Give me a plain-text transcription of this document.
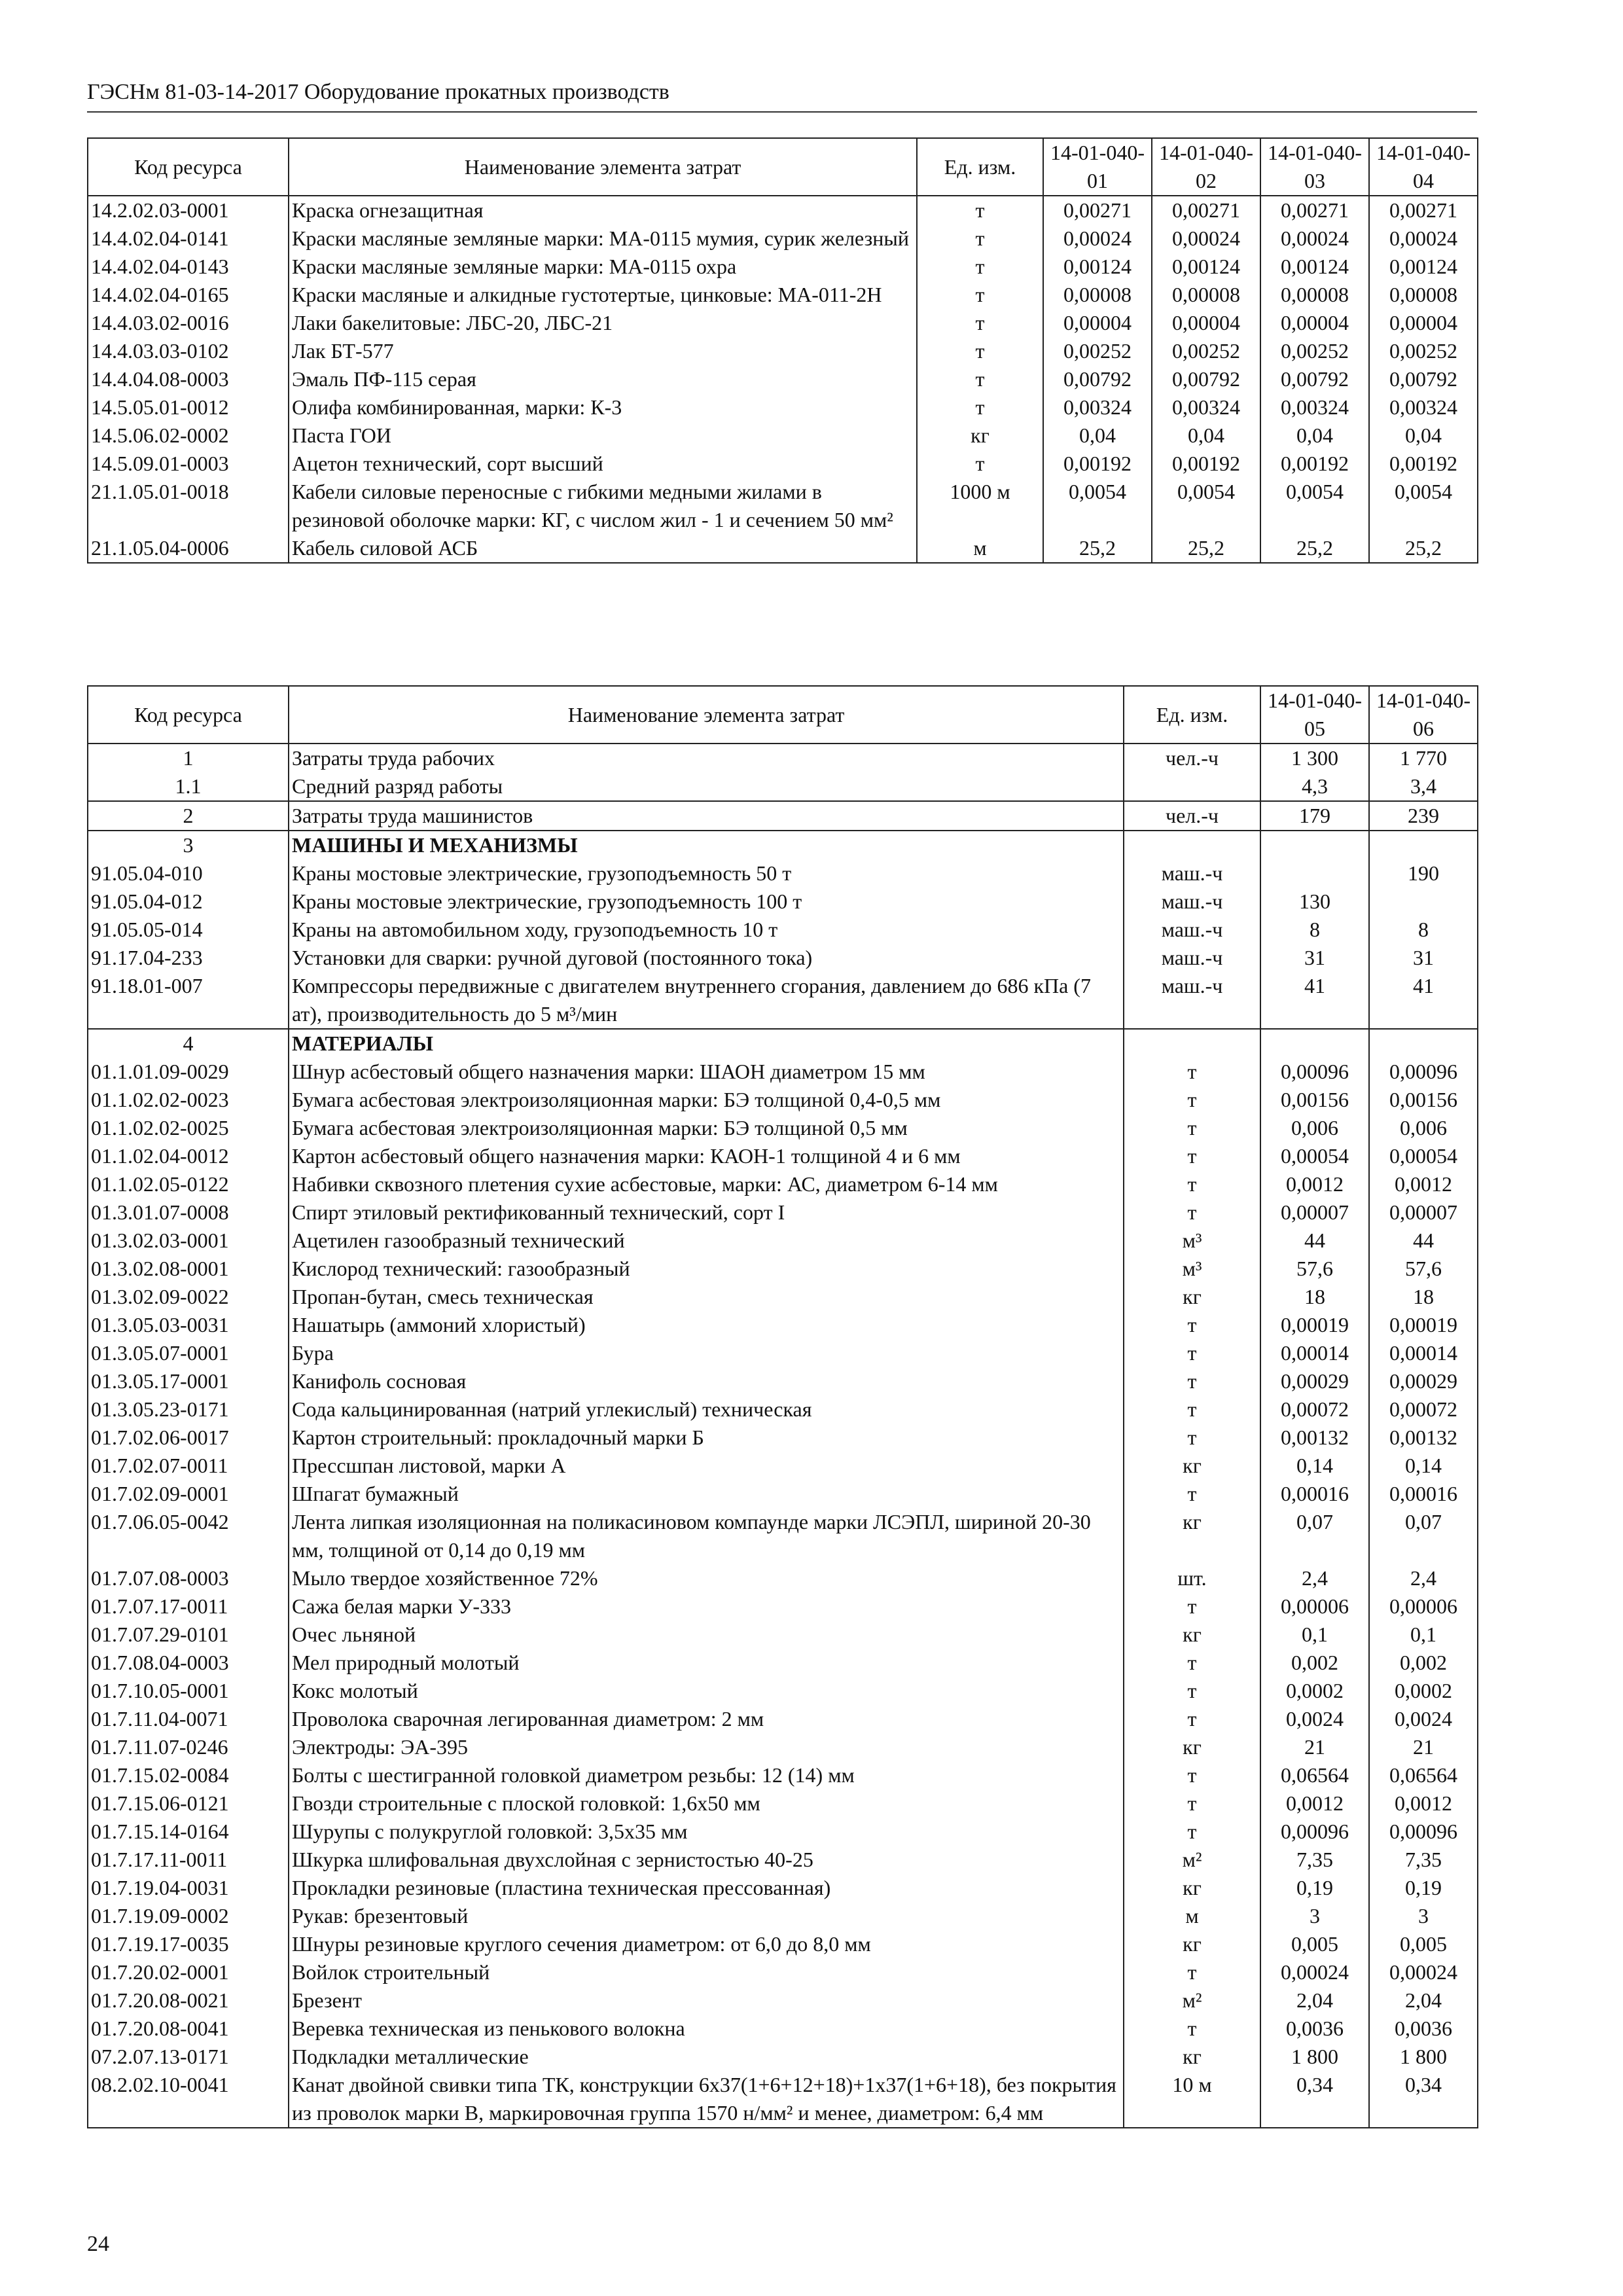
ГЭСНм 81-03-14-2017 Оборудование прокатных производств
Код ресурса	Наименование элемента затрат	Ед. изм.	14-01-040-01	14-01-040-02	14-01-040-03	14-01-040-04
14.2.02.03-0001	Краска огнезащитная	т	0,00271	0,00271	0,00271	0,00271
14.4.02.04-0141	Краски масляные земляные марки: МА-0115 мумия, сурик железный	т	0,00024	0,00024	0,00024	0,00024
14.4.02.04-0143	Краски масляные земляные марки: МА-0115 охра	т	0,00124	0,00124	0,00124	0,00124
14.4.02.04-0165	Краски масляные и алкидные густотертые, цинковые: МА-011-2Н	т	0,00008	0,00008	0,00008	0,00008
14.4.03.02-0016	Лаки бакелитовые: ЛБС-20, ЛБС-21	т	0,00004	0,00004	0,00004	0,00004
14.4.03.03-0102	Лак БТ-577	т	0,00252	0,00252	0,00252	0,00252
14.4.04.08-0003	Эмаль ПФ-115 серая	т	0,00792	0,00792	0,00792	0,00792
14.5.05.01-0012	Олифа комбинированная, марки: К-3	т	0,00324	0,00324	0,00324	0,00324
14.5.06.02-0002	Паста ГОИ	кг	0,04	0,04	0,04	0,04
14.5.09.01-0003	Ацетон технический, сорт высший	т	0,00192	0,00192	0,00192	0,00192
21.1.05.01-0018	Кабели силовые переносные с гибкими медными жилами в резиновой оболочке марки: КГ, с числом жил - 1 и сечением 50 мм²	1000 м	0,0054	0,0054	0,0054	0,0054
21.1.05.04-0006	Кабель силовой АСБ	м	25,2	25,2	25,2	25,2
Код ресурса	Наименование элемента затрат	Ед. изм.	14-01-040-05	14-01-040-06
1	Затраты труда рабочих	чел.-ч	1 300	1 770
1.1	Средний разряд работы		4,3	3,4
2	Затраты труда машинистов	чел.-ч	179	239
3	МАШИНЫ И МЕХАНИЗМЫ			
91.05.04-010	Краны мостовые электрические, грузоподъемность 50 т	маш.-ч		190
91.05.04-012	Краны мостовые электрические, грузоподъемность 100 т	маш.-ч	130	
91.05.05-014	Краны на автомобильном ходу, грузоподъемность 10 т	маш.-ч	8	8
91.17.04-233	Установки для сварки: ручной дуговой (постоянного тока)	маш.-ч	31	31
91.18.01-007	Компрессоры передвижные с двигателем внутреннего сгорания, давлением до 686 кПа (7 ат), производительность до 5 м³/мин	маш.-ч	41	41
4	МАТЕРИАЛЫ			
01.1.01.09-0029	Шнур асбестовый общего назначения марки: ШАОН диаметром 15 мм	т	0,00096	0,00096
01.1.02.02-0023	Бумага асбестовая электроизоляционная марки: БЭ толщиной 0,4-0,5 мм	т	0,00156	0,00156
01.1.02.02-0025	Бумага асбестовая электроизоляционная марки: БЭ толщиной 0,5 мм	т	0,006	0,006
01.1.02.04-0012	Картон асбестовый общего назначения марки: КАОН-1 толщиной 4 и 6 мм	т	0,00054	0,00054
01.1.02.05-0122	Набивки сквозного плетения сухие асбестовые, марки: АС, диаметром 6-14 мм	т	0,0012	0,0012
01.3.01.07-0008	Спирт этиловый ректификованный технический, сорт I	т	0,00007	0,00007
01.3.02.03-0001	Ацетилен газообразный технический	м³	44	44
01.3.02.08-0001	Кислород технический: газообразный	м³	57,6	57,6
01.3.02.09-0022	Пропан-бутан, смесь техническая	кг	18	18
01.3.05.03-0031	Нашатырь (аммоний хлористый)	т	0,00019	0,00019
01.3.05.07-0001	Бура	т	0,00014	0,00014
01.3.05.17-0001	Канифоль сосновая	т	0,00029	0,00029
01.3.05.23-0171	Сода кальцинированная (натрий углекислый) техническая	т	0,00072	0,00072
01.7.02.06-0017	Картон строительный: прокладочный марки Б	т	0,00132	0,00132
01.7.02.07-0011	Прессшпан листовой, марки А	кг	0,14	0,14
01.7.02.09-0001	Шпагат бумажный	т	0,00016	0,00016
01.7.06.05-0042	Лента липкая изоляционная на поликасиновом компаунде марки ЛСЭПЛ, шириной 20-30 мм, толщиной от 0,14 до 0,19 мм	кг	0,07	0,07
01.7.07.08-0003	Мыло твердое хозяйственное 72%	шт.	2,4	2,4
01.7.07.17-0011	Сажа белая марки У-333	т	0,00006	0,00006
01.7.07.29-0101	Очес льняной	кг	0,1	0,1
01.7.08.04-0003	Мел природный молотый	т	0,002	0,002
01.7.10.05-0001	Кокс молотый	т	0,0002	0,0002
01.7.11.04-0071	Проволока сварочная легированная диаметром: 2 мм	т	0,0024	0,0024
01.7.11.07-0246	Электроды: ЭА-395	кг	21	21
01.7.15.02-0084	Болты с шестигранной головкой диаметром резьбы: 12 (14) мм	т	0,06564	0,06564
01.7.15.06-0121	Гвозди строительные с плоской головкой: 1,6x50 мм	т	0,0012	0,0012
01.7.15.14-0164	Шурупы с полукруглой головкой: 3,5x35 мм	т	0,00096	0,00096
01.7.17.11-0011	Шкурка шлифовальная двухслойная с зернистостью 40-25	м²	7,35	7,35
01.7.19.04-0031	Прокладки резиновые (пластина техническая прессованная)	кг	0,19	0,19
01.7.19.09-0002	Рукав: брезентовый	м	3	3
01.7.19.17-0035	Шнуры резиновые круглого сечения диаметром: от 6,0 до 8,0 мм	кг	0,005	0,005
01.7.20.02-0001	Войлок строительный	т	0,00024	0,00024
01.7.20.08-0021	Брезент	м²	2,04	2,04
01.7.20.08-0041	Веревка техническая из пенькового волокна	т	0,0036	0,0036
07.2.07.13-0171	Подкладки металлические	кг	1 800	1 800
08.2.02.10-0041	Канат двойной свивки типа ТК, конструкции 6x37(1+6+12+18)+1x37(1+6+18), без покрытия из проволок марки В, маркировочная группа 1570 н/мм² и менее, диаметром: 6,4 мм	10 м	0,34	0,34
24
